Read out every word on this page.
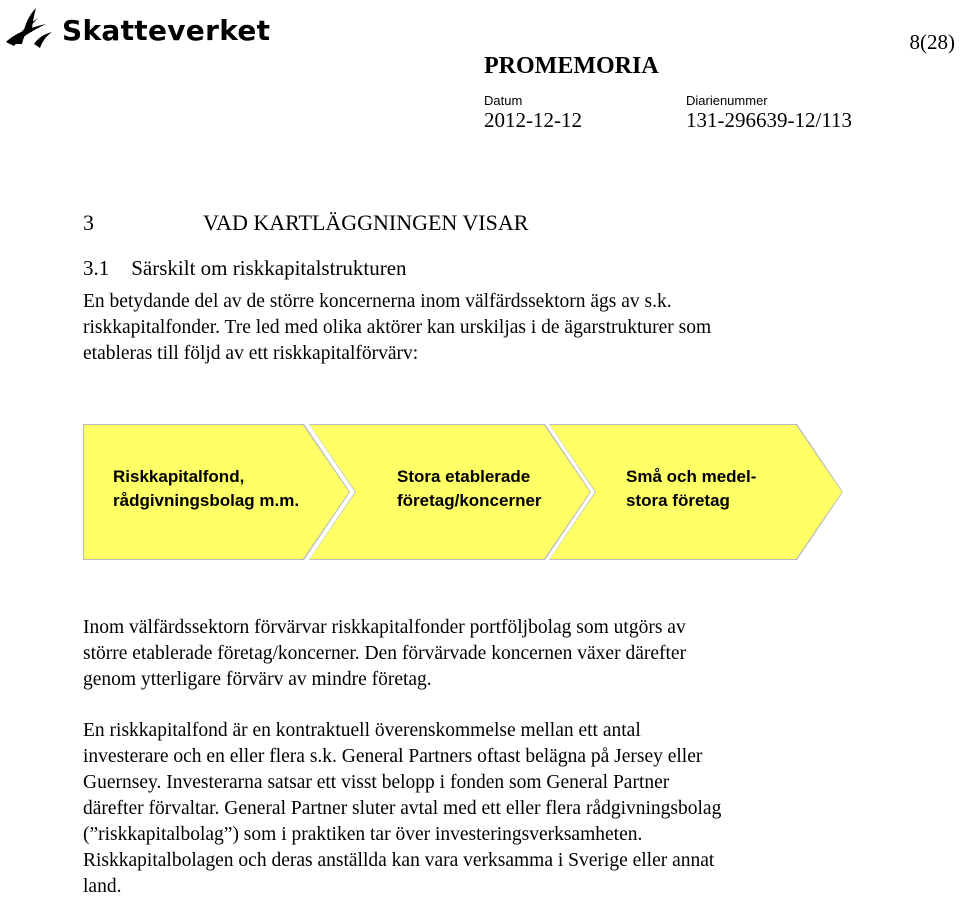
Skatteverket	8(28)
PROMEMORIA
Datum
2012-12-12
Diarienummer
131-296639-12/113
3	VAD KARTLÄGGNINGEN VISAR
3.1 Särskilt om riskkapitalstrukturen

En betydande del av de större koncernerna inom välfärdssektorn ägs av s.k.

riskkapitalfonder. Tre led med olika aktörer kan urskiljas i de ägarstrukturer som

etableras till följd av ett riskkapitalförvärv:

Riskkapitalfond,
rådgivningsbolag m.m.
Stora etablerade
företag/koncerner
Små och medel-
stora företag

Inom välfärdssektorn förvärvar riskkapitalfonder portföljbolag som utgörs av

större etablerade företag/koncerner. Den förvärvade koncernen växer därefter

genom ytterligare förvärv av mindre företag.

En riskkapitalfond är en kontraktuell överenskommelse mellan ett antal

investerare och en eller flera s.k. General Partners oftast belägna på Jersey eller

Guernsey. Investerarna satsar ett visst belopp i fonden som General Partner

därefter förvaltar. General Partner sluter avtal med ett eller flera rådgivningsbolag

(”riskkapitalbolag”) som i praktiken tar över investeringsverksamheten.

Riskkapitalbolagen och deras anställda kan vara verksamma i Sverige eller annat

land.
